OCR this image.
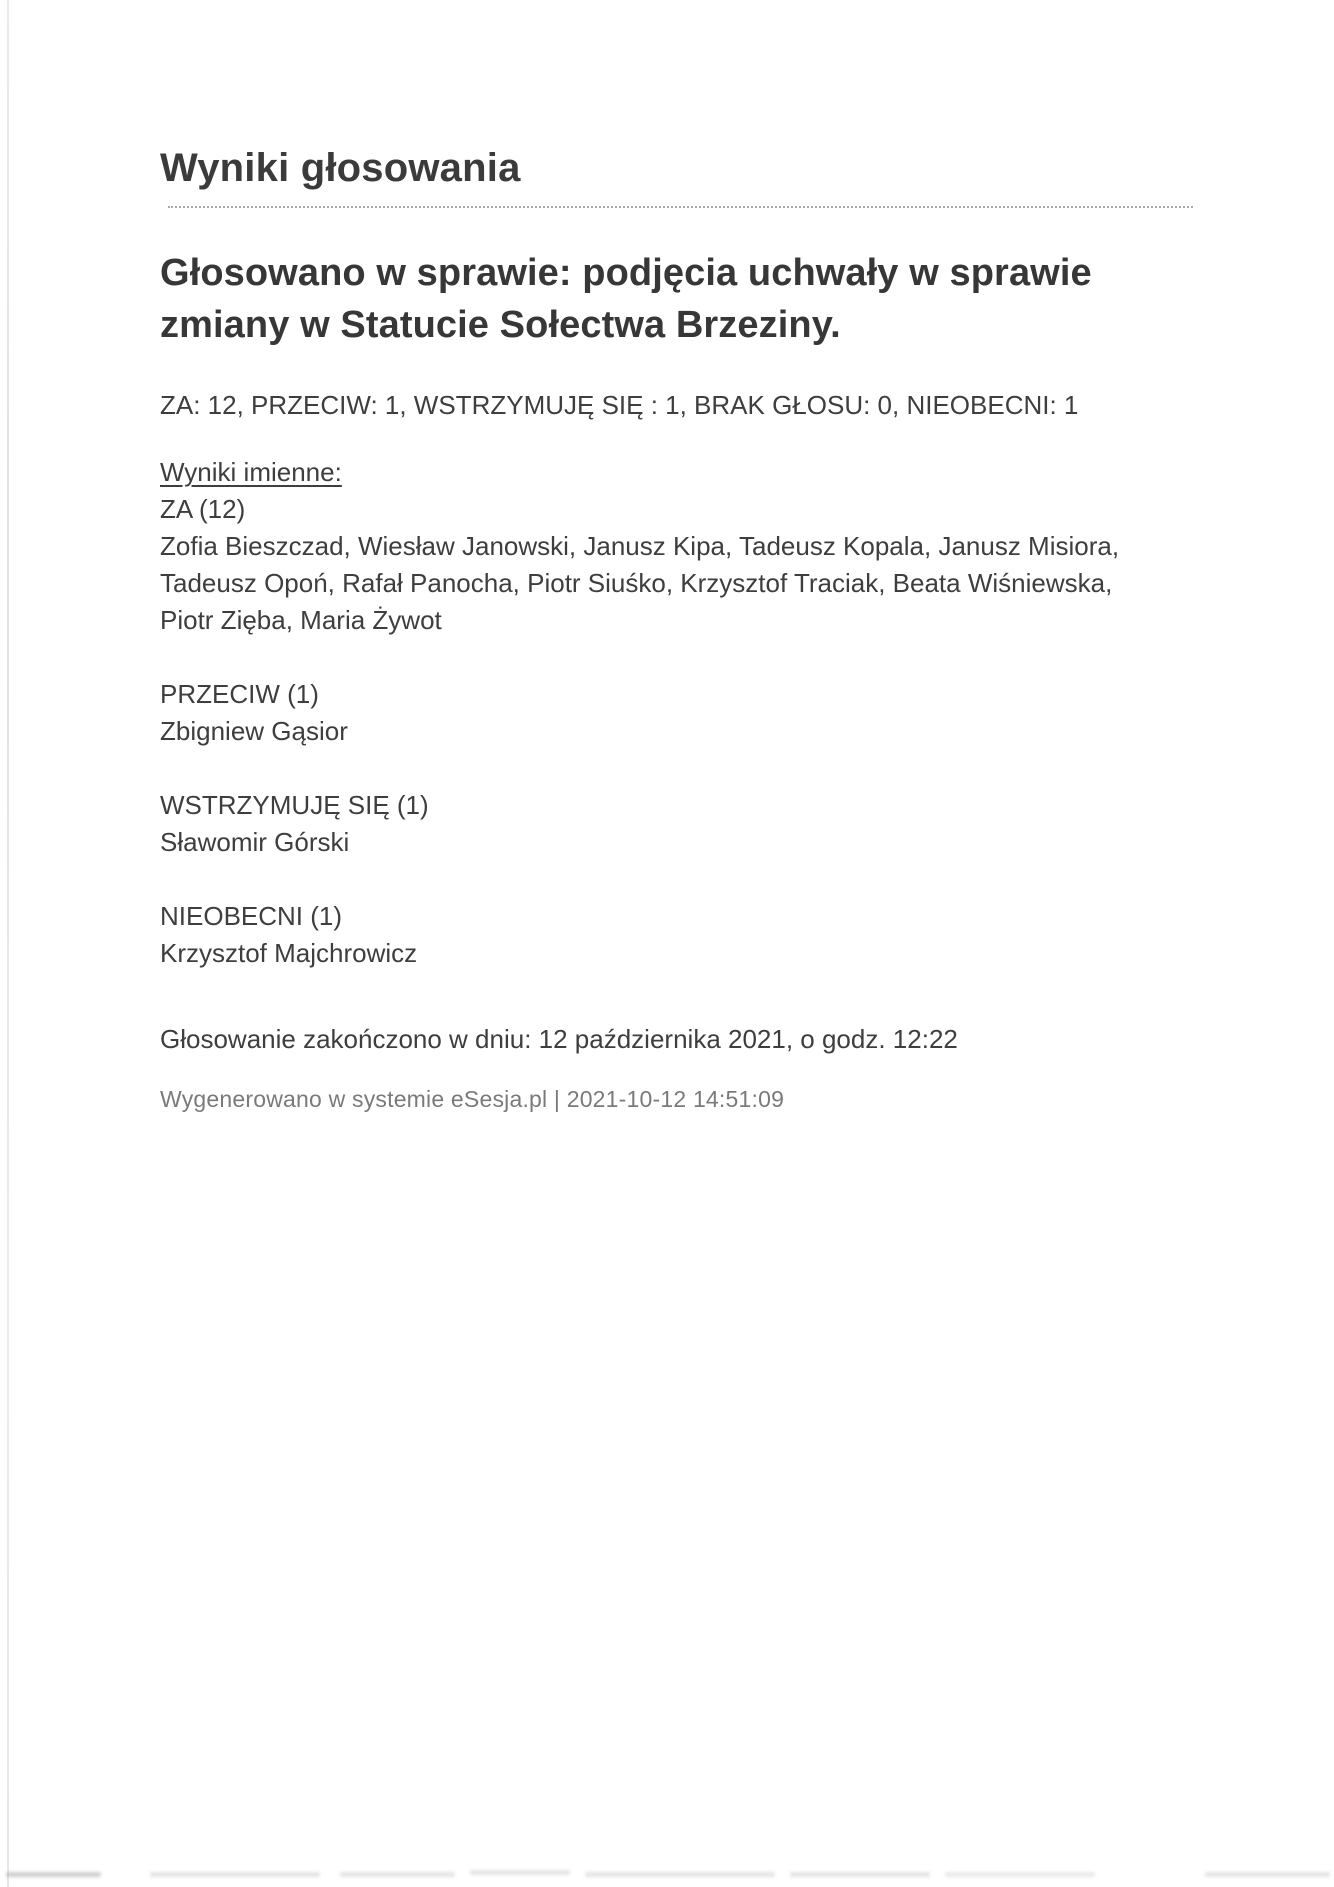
Wyniki głosowania
Głosowano w sprawie: podjęcia uchwały w sprawie zmiany w Statucie Sołectwa Brzeziny.
ZA: 12, PRZECIW: 1, WSTRZYMUJĘ SIĘ : 1, BRAK GŁOSU: 0, NIEOBECNI: 1

Wyniki imienne:

ZA (12)

Zofia Bieszczad, Wiesław Janowski, Janusz Kipa, Tadeusz Kopala, Janusz Misiora, Tadeusz Opoń, Rafał Panocha, Piotr Siuśko, Krzysztof Traciak, Beata Wiśniewska, Piotr Zięba, Maria Żywot

PRZECIW (1)

Zbigniew Gąsior

WSTRZYMUJĘ SIĘ (1)

Sławomir Górski

NIEOBECNI (1)

Krzysztof Majchrowicz

Głosowanie zakończono w dniu: 12 października 2021, o godz. 12:22
Wygenerowano w systemie eSesja.pl | 2021-10-12 14:51:09
